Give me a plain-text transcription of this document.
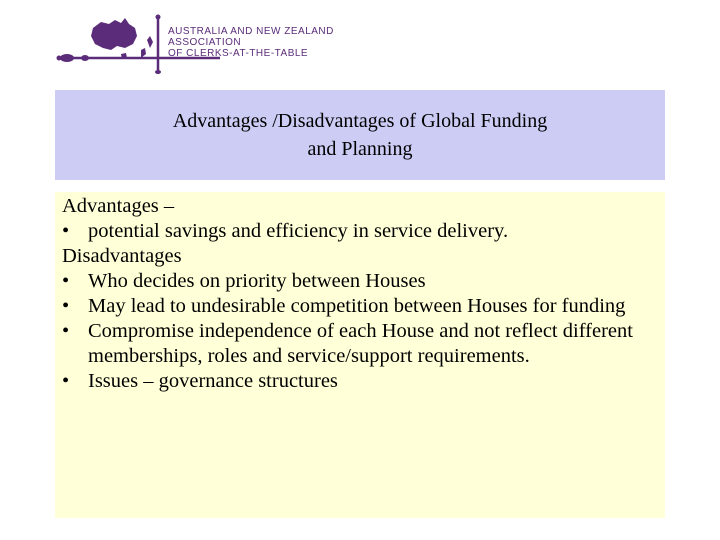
AUSTRALIA AND NEW ZEALAND
ASSOCIATION
OF CLERKS-AT-THE-TABLE
Advantages /Disadvantages of Global Funding
and Planning
Advantages –
• potential savings and efficiency in service delivery.
Disadvantages
• Who decides on priority between Houses
• May lead to undesirable competition between Houses for funding
• Compromise independence of each House and not reflect different memberships, roles and service/support requirements.
• Issues – governance structures
